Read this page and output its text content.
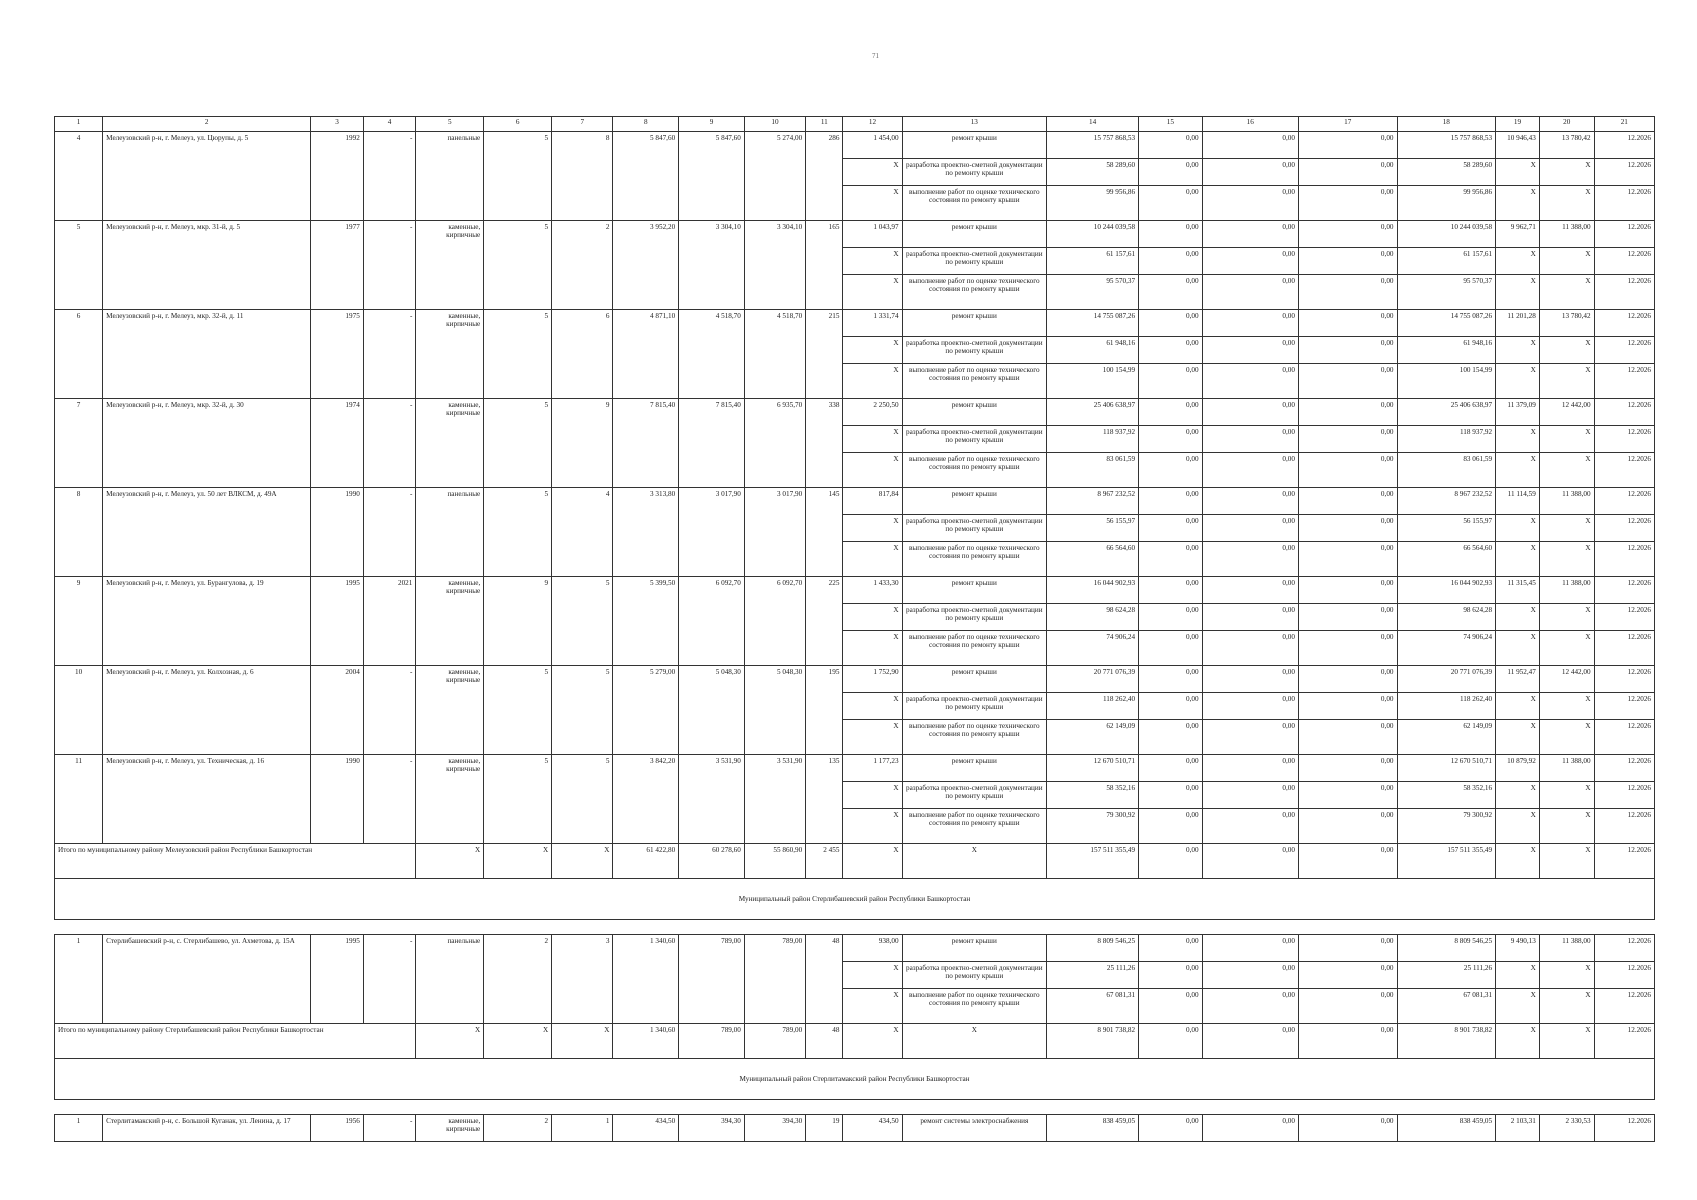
71
1	2	3	4	5	6	7	8	9	10	11	12	13	14	15	16	17	18	19	20	21
4	Мелеузовский р-н, г. Мелеуз, ул. Цюрупы, д. 5	1992	-	панельные	5	8	5 847,60	5 847,60	5 274,00	286	1 454,00	ремонт крыши	15 757 868,53	0,00	0,00	0,00	15 757 868,53	10 946,43	13 780,42	12.2026
											X	разработка проектно-сметной документации по ремонту крыши	58 289,60	0,00	0,00	0,00	58 289,60	X	X	12.2026
											X	выполнение работ по оценке технического состояния по ремонту крыши	99 956,86	0,00	0,00	0,00	99 956,86	X	X	12.2026
5	Мелеузовский р-н, г. Мелеуз, мкр. 31-й, д. 5	1977	-	каменные, кирпичные	5	2	3 952,20	3 304,10	3 304,10	165	1 043,97	ремонт крыши	10 244 039,58	0,00	0,00	0,00	10 244 039,58	9 962,71	11 388,00	12.2026
											X	разработка проектно-сметной документации по ремонту крыши	61 157,61	0,00	0,00	0,00	61 157,61	X	X	12.2026
											X	выполнение работ по оценке технического состояния по ремонту крыши	95 570,37	0,00	0,00	0,00	95 570,37	X	X	12.2026
6	Мелеузовский р-н, г. Мелеуз, мкр. 32-й, д. 11	1975	-	каменные, кирпичные	5	6	4 871,10	4 518,70	4 518,70	215	1 331,74	ремонт крыши	14 755 087,26	0,00	0,00	0,00	14 755 087,26	11 201,28	13 780,42	12.2026
											X	разработка проектно-сметной документации по ремонту крыши	61 948,16	0,00	0,00	0,00	61 948,16	X	X	12.2026
											X	выполнение работ по оценке технического состояния по ремонту крыши	100 154,99	0,00	0,00	0,00	100 154,99	X	X	12.2026
7	Мелеузовский р-н, г. Мелеуз, мкр. 32-й, д. 30	1974	-	каменные, кирпичные	5	9	7 815,40	7 815,40	6 935,70	338	2 250,50	ремонт крыши	25 406 638,97	0,00	0,00	0,00	25 406 638,97	11 379,09	12 442,00	12.2026
											X	разработка проектно-сметной документации по ремонту крыши	118 937,92	0,00	0,00	0,00	118 937,92	X	X	12.2026
											X	выполнение работ по оценке технического состояния по ремонту крыши	83 061,59	0,00	0,00	0,00	83 061,59	X	X	12.2026
8	Мелеузовский р-н, г. Мелеуз, ул. 50 лет ВЛКСМ, д. 49А	1990	-	панельные	5	4	3 313,80	3 017,90	3 017,90	145	817,84	ремонт крыши	8 967 232,52	0,00	0,00	0,00	8 967 232,52	11 114,59	11 388,00	12.2026
											X	разработка проектно-сметной документации по ремонту крыши	56 155,97	0,00	0,00	0,00	56 155,97	X	X	12.2026
											X	выполнение работ по оценке технического состояния по ремонту крыши	66 564,60	0,00	0,00	0,00	66 564,60	X	X	12.2026
9	Мелеузовский р-н, г. Мелеуз, ул. Бурангулова, д. 19	1995	2021	каменные, кирпичные	9	5	5 399,50	6 092,70	6 092,70	225	1 433,30	ремонт крыши	16 044 902,93	0,00	0,00	0,00	16 044 902,93	11 315,45	11 388,00	12.2026
											X	разработка проектно-сметной документации по ремонту крыши	98 624,28	0,00	0,00	0,00	98 624,28	X	X	12.2026
											X	выполнение работ по оценке технического состояния по ремонту крыши	74 906,24	0,00	0,00	0,00	74 906,24	X	X	12.2026
10	Мелеузовский р-н, г. Мелеуз, ул. Колхозная, д. 6	2004	-	каменные, кирпичные	5	5	5 279,00	5 048,30	5 048,30	195	1 752,90	ремонт крыши	20 771 076,39	0,00	0,00	0,00	20 771 076,39	11 952,47	12 442,00	12.2026
											X	разработка проектно-сметной документации по ремонту крыши	118 262,40	0,00	0,00	0,00	118 262,40	X	X	12.2026
											X	выполнение работ по оценке технического состояния по ремонту крыши	62 149,09	0,00	0,00	0,00	62 149,09	X	X	12.2026
11	Мелеузовский р-н, г. Мелеуз, ул. Техническая, д. 16	1990	-	каменные, кирпичные	5	5	3 842,20	3 531,90	3 531,90	135	1 177,23	ремонт крыши	12 670 510,71	0,00	0,00	0,00	12 670 510,71	10 879,92	11 388,00	12.2026
											X	разработка проектно-сметной документации по ремонту крыши	58 352,16	0,00	0,00	0,00	58 352,16	X	X	12.2026
											X	выполнение работ по оценке технического состояния по ремонту крыши	79 300,92	0,00	0,00	0,00	79 300,92	X	X	12.2026
Итого по муниципальному району Мелеузовский район Республики Башкортостан				X	X	X	61 422,80	60 278,60	55 860,90	2 455	X	X	157 511 355,49	0,00	0,00	0,00	157 511 355,49	X	X	12.2026
Муниципальный район Стерлибашевский район Республики Башкортостан																				

1	Стерлибашевский р-н, с. Стерлибашево, ул. Ахметова, д. 15А	1995	-	панельные	2	3	1 340,60	789,00	789,00	48	938,00	ремонт крыши	8 809 546,25	0,00	0,00	0,00	8 809 546,25	9 490,13	11 388,00	12.2026
											X	разработка проектно-сметной документации по ремонту крыши	25 111,26	0,00	0,00	0,00	25 111,26	X	X	12.2026
											X	выполнение работ по оценке технического состояния по ремонту крыши	67 081,31	0,00	0,00	0,00	67 081,31	X	X	12.2026
Итого по муниципальному району Стерлибашевский район Республики Башкортостан				X	X	X	1 340,60	789,00	789,00	48	X	X	8 901 738,82	0,00	0,00	0,00	8 901 738,82	X	X	12.2026
Муниципальный район Стерлитамакский район Республики Башкортостан																				

1	Стерлитамакский р-н, с. Большой Куганак, ул. Ленина, д. 17	1956	-	каменные, кирпичные	2	1	434,50	394,30	394,30	19	434,50	ремонт системы электроснабжения	838 459,05	0,00	0,00	0,00	838 459,05	2 103,31	2 330,53	12.2026
